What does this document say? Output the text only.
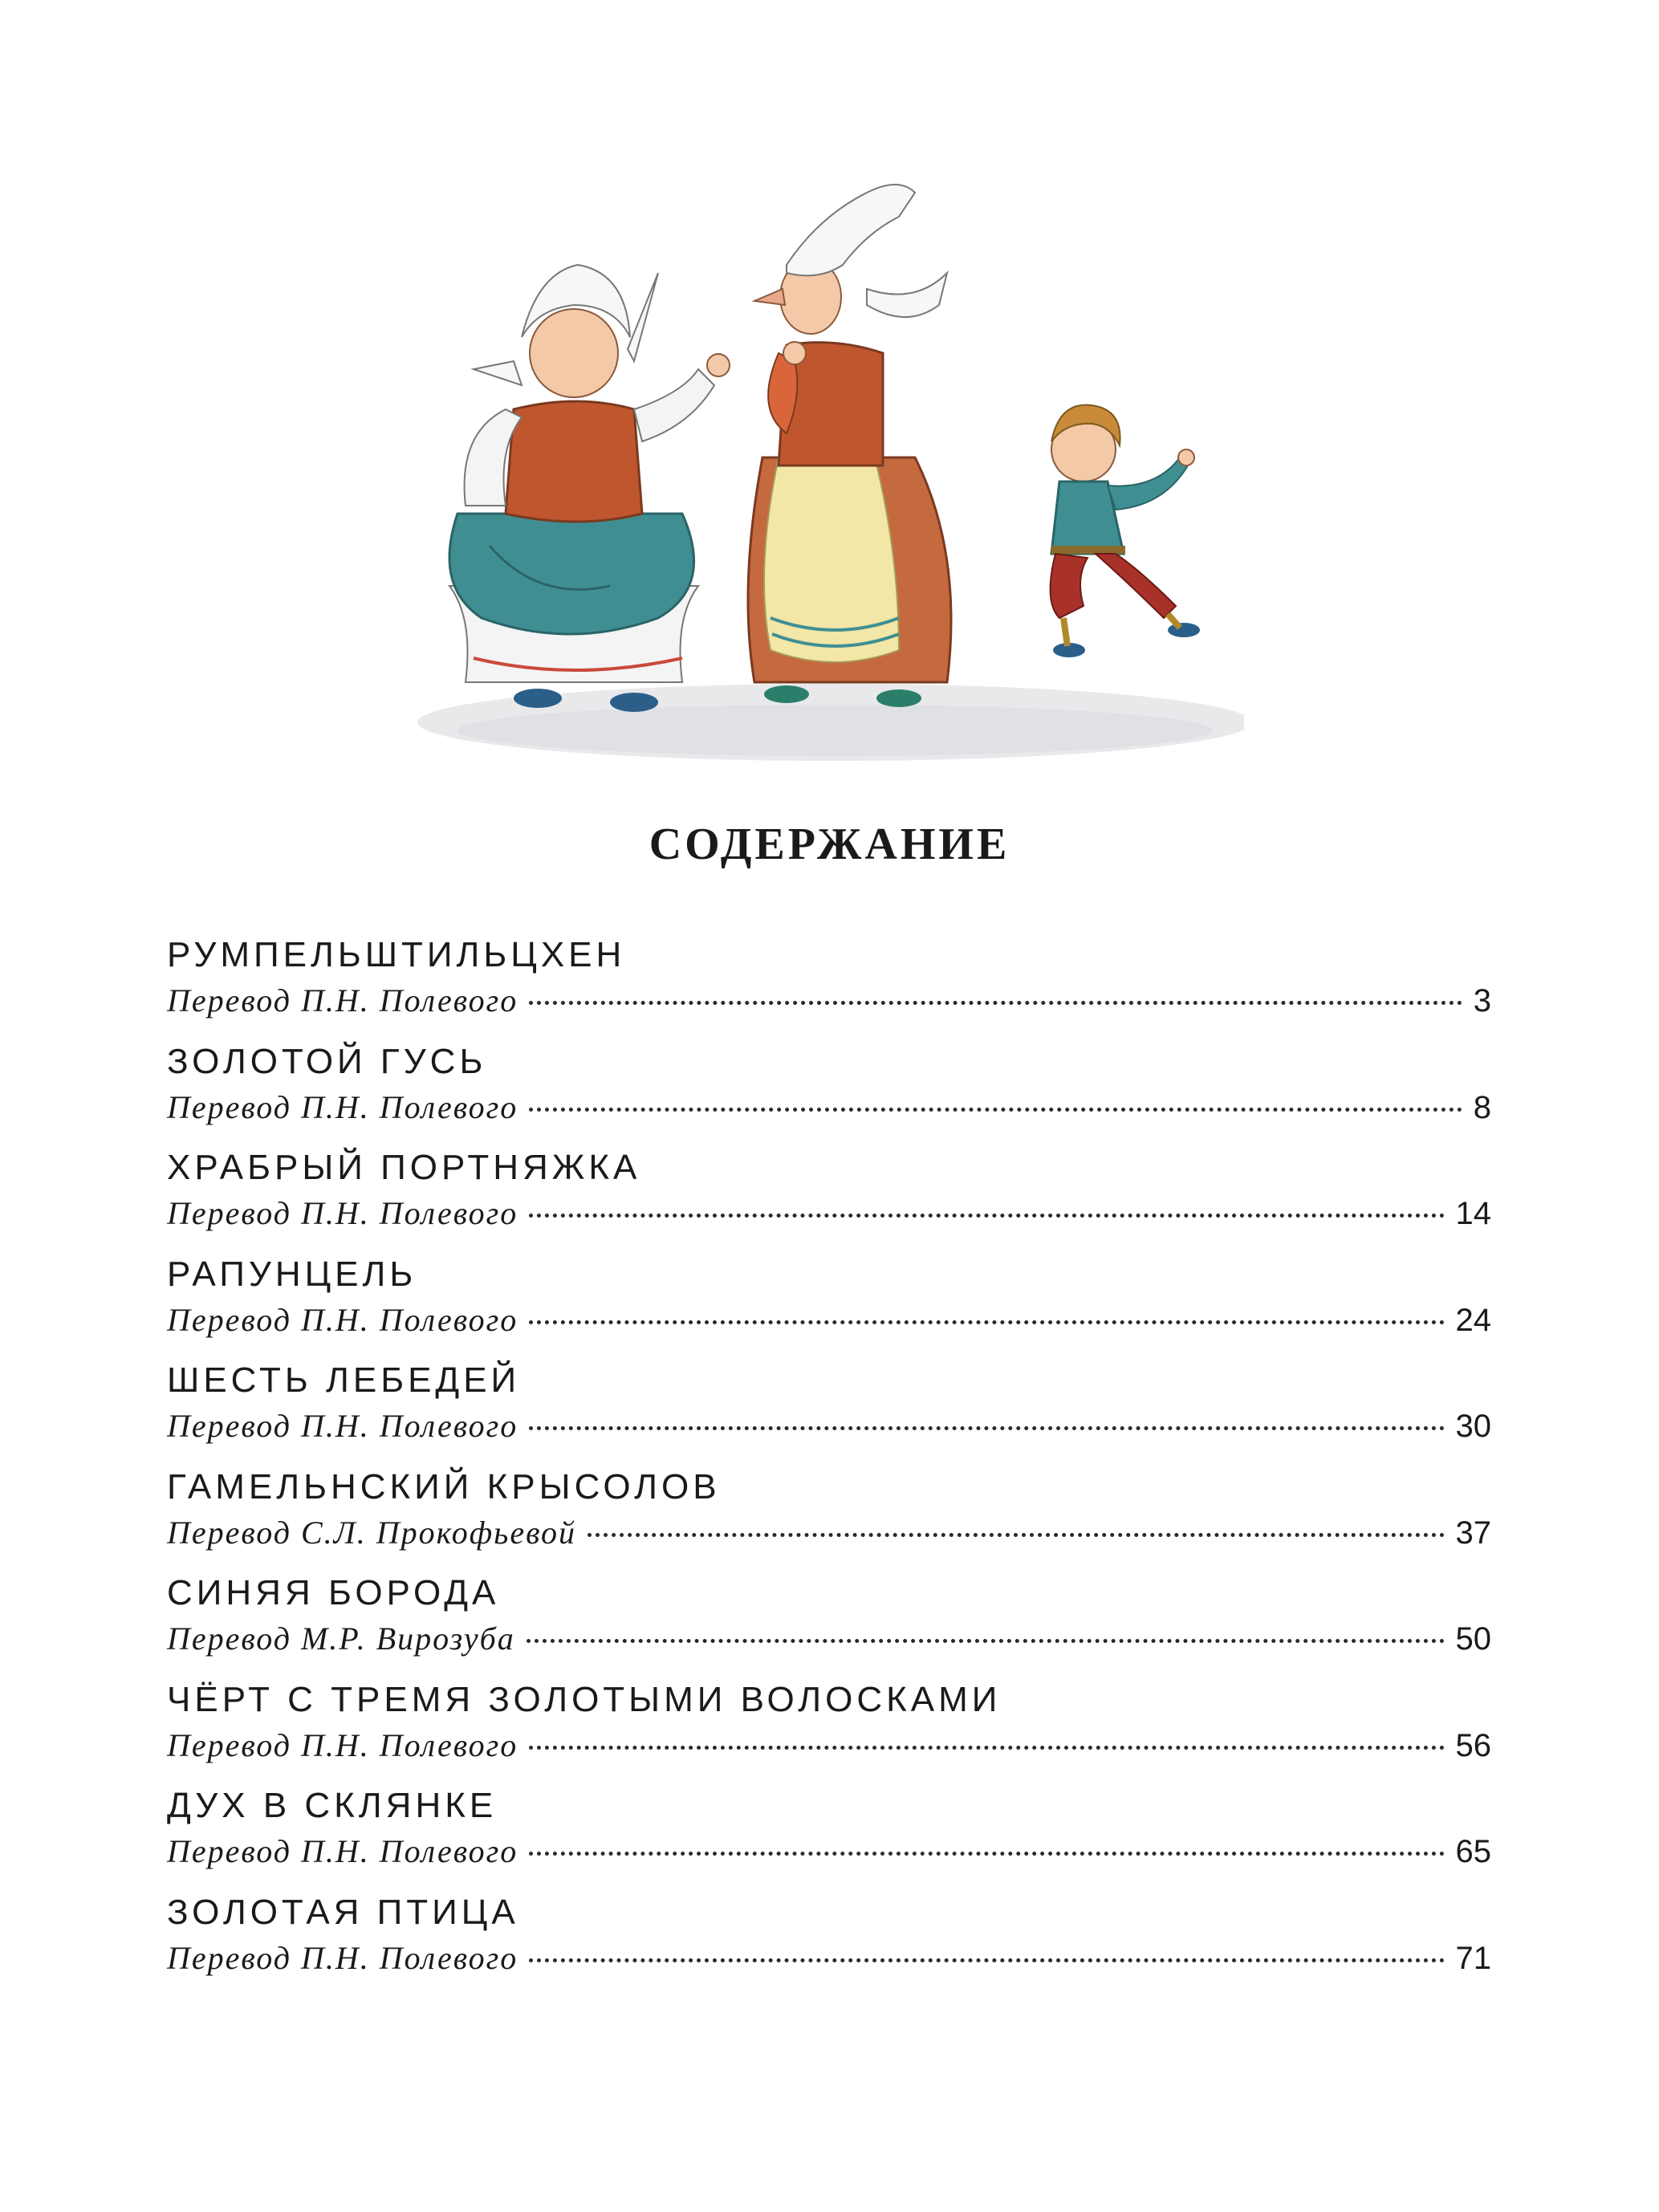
СОДЕРЖАНИЕ
РУМПЕЛЬШТИЛЬЦХЕН
Перевод П.Н. Полевого	3
ЗОЛОТОЙ ГУСЬ
Перевод П.Н. Полевого	8
ХРАБРЫЙ ПОРТНЯЖКА
Перевод П.Н. Полевого	14
РАПУНЦЕЛЬ
Перевод П.Н. Полевого	24
ШЕСТЬ ЛЕБЕДЕЙ
Перевод П.Н. Полевого	30
ГАМЕЛЬНСКИЙ КРЫСОЛОВ
Перевод С.Л. Прокофьевой	37
СИНЯЯ БОРОДА
Перевод М.Р. Вирозуба	50
ЧЁРТ С ТРЕМЯ ЗОЛОТЫМИ ВОЛОСКАМИ
Перевод П.Н. Полевого	56
ДУХ В СКЛЯНКЕ
Перевод П.Н. Полевого	65
ЗОЛОТАЯ ПТИЦА
Перевод П.Н. Полевого	71
